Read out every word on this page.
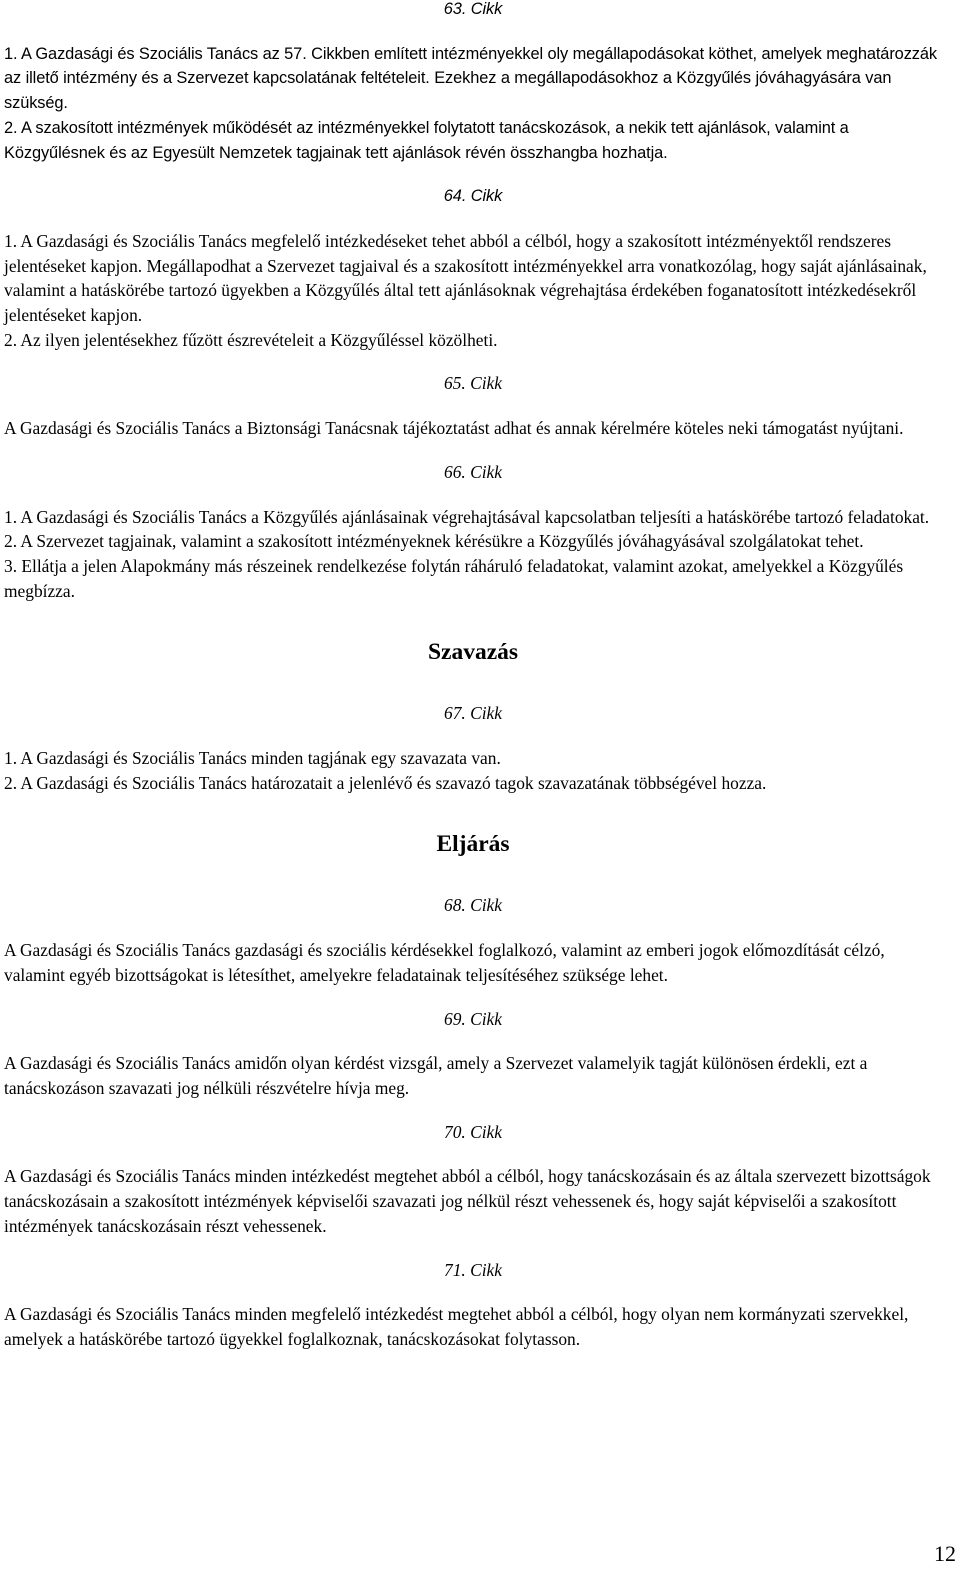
63. Cikk

1. A Gazdasági és Szociális Tanács az 57. Cikkben említett intézményekkel oly megállapodásokat köthet, amelyek meghatározzák az illető intézmény és a Szervezet kapcsolatának feltételeit. Ezekhez a megállapodásokhoz a Közgyűlés jóváhagyására van szükség.

2. A szakosított intézmények működését az intézményekkel folytatott tanácskozások, a nekik tett ajánlások, valamint a Közgyűlésnek és az Egyesült Nemzetek tagjainak tett ajánlások révén összhangba hozhatja.

64. Cikk

1. A Gazdasági és Szociális Tanács megfelelő intézkedéseket tehet abból a célból, hogy a szakosított intézményektől rendszeres jelentéseket kapjon. Megállapodhat a Szervezet tagjaival és a szakosított intézményekkel arra vonatkozólag, hogy saját ajánlásainak, valamint a hatáskörébe tartozó ügyekben a Közgyűlés által tett ajánlásoknak végrehajtása érdekében foganatosított intézkedésekről jelentéseket kapjon.

2. Az ilyen jelentésekhez fűzött észrevételeit a Közgyűléssel közölheti.

65. Cikk

A Gazdasági és Szociális Tanács a Biztonsági Tanácsnak tájékoztatást adhat és annak kérelmére köteles neki támogatást nyújtani.

66. Cikk

1. A Gazdasági és Szociális Tanács a Közgyűlés ajánlásainak végrehajtásával kapcsolatban teljesíti a hatáskörébe tartozó feladatokat.

2. A Szervezet tagjainak, valamint a szakosított intézményeknek kérésükre a Közgyűlés jóváhagyásával szolgálatokat tehet.

3. Ellátja a jelen Alapokmány más részeinek rendelkezése folytán ráháruló feladatokat, valamint azokat, amelyekkel a Közgyűlés megbízza.

Szavazás

67. Cikk

1. A Gazdasági és Szociális Tanács minden tagjának egy szavazata van.

2. A Gazdasági és Szociális Tanács határozatait a jelenlévő és szavazó tagok szavazatának többségével hozza.

Eljárás

68. Cikk

A Gazdasági és Szociális Tanács gazdasági és szociális kérdésekkel foglalkozó, valamint az emberi jogok előmozdítását célzó, valamint egyéb bizottságokat is létesíthet, amelyekre feladatainak teljesítéséhez szüksége lehet.

69. Cikk

A Gazdasági és Szociális Tanács amidőn olyan kérdést vizsgál, amely a Szervezet valamelyik tagját különösen érdekli, ezt a tanácskozáson szavazati jog nélküli részvételre hívja meg.

70. Cikk

A Gazdasági és Szociális Tanács minden intézkedést megtehet abból a célból, hogy tanácskozásain és az általa szervezett bizottságok tanácskozásain a szakosított intézmények képviselői szavazati jog nélkül részt vehessenek és, hogy saját képviselői a szakosított intézmények tanácskozásain részt vehessenek.

71. Cikk

A Gazdasági és Szociális Tanács minden megfelelő intézkedést megtehet abból a célból, hogy olyan nem kormányzati szervekkel, amelyek a hatáskörébe tartozó ügyekkel foglalkoznak, tanácskozásokat folytasson.

12
